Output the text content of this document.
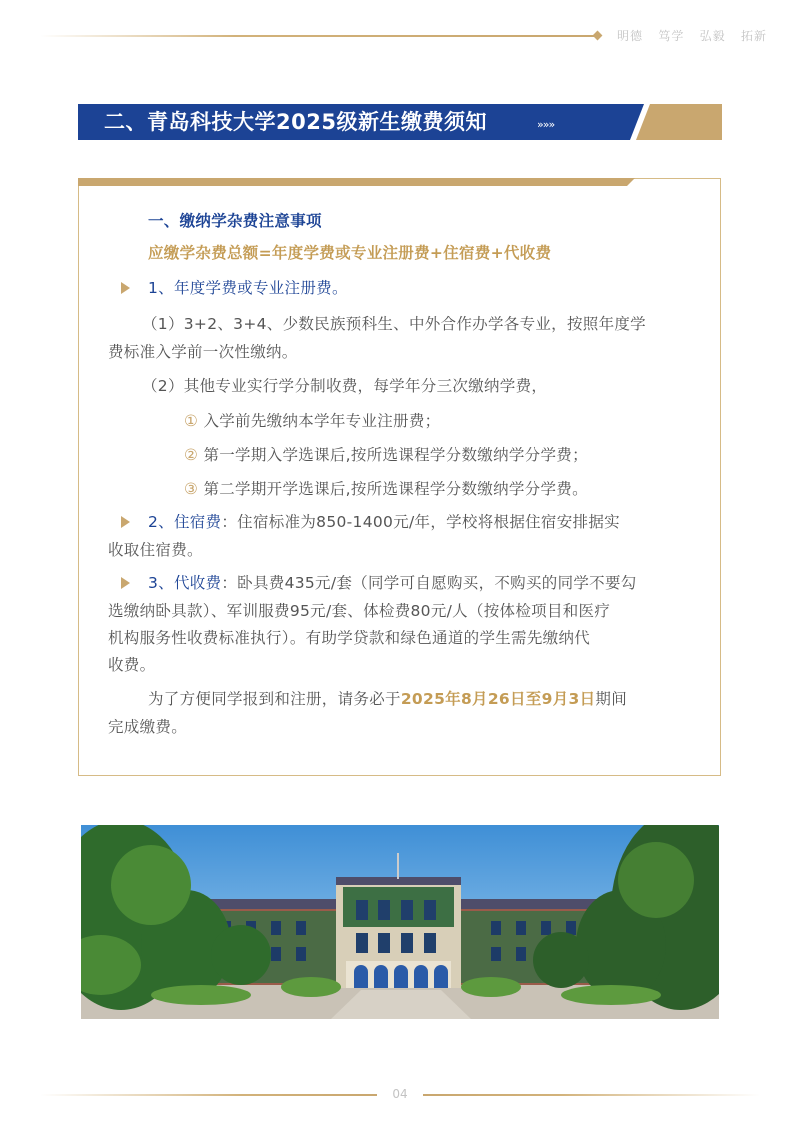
明德 笃学 弘毅 拓新
二、青岛科技大学2025级新生缴费须知	»»»
一、缴纳学杂费注意事项
应缴学杂费总额=年度学费或专业注册费+住宿费+代收费
1、年度学费或专业注册费。
（1）3+2、3+4、少数民族预科生、中外合作办学各专业，按照年度学
费标准入学前一次性缴纳。
（2）其他专业实行学分制收费，每学年分三次缴纳学费，
① 入学前先缴纳本学年专业注册费；
② 第一学期入学选课后,按所选课程学分数缴纳学分学费；
③ 第二学期开学选课后,按所选课程学分数缴纳学分学费。
2、住宿费：住宿标准为850-1400元/年，学校将根据住宿安排据实
收取住宿费。
3、代收费：卧具费435元/套（同学可自愿购买，不购买的同学不要勾
选缴纳卧具款）、军训服费95元/套、体检费80元/人（按体检项目和医疗
机构服务性收费标准执行）。有助学贷款和绿色通道的学生需先缴纳代
收费。
为了方便同学报到和注册，请务必于2025年8月26日至9月3日期间
完成缴费。
04
